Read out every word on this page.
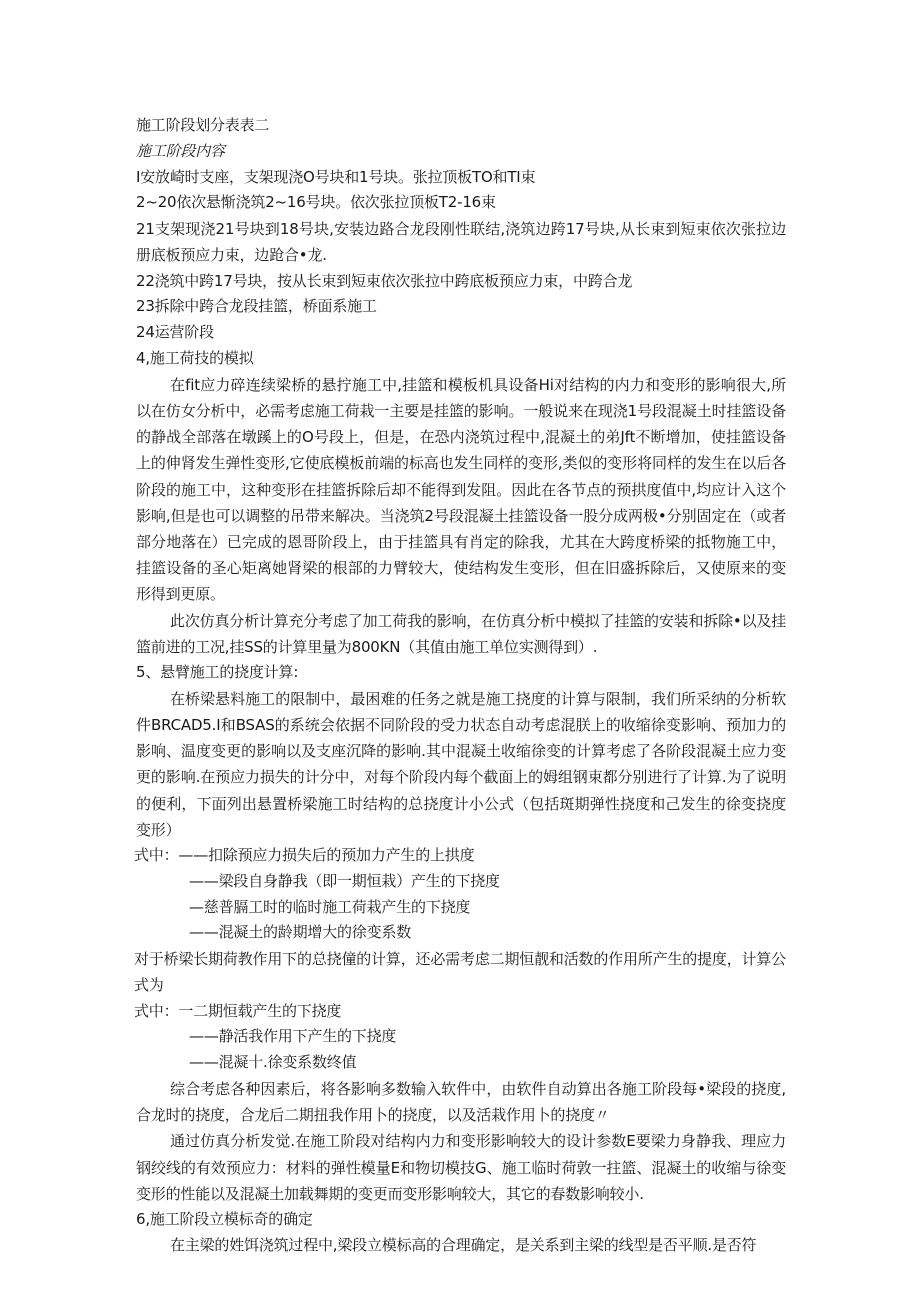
施工阶段划分表表二

施工阶段内容

I安放崎时支座，支架现浇O号块和1号块。张拉顶板TO和TI束

2~20依次悬惭浇筑2~16号块。依次张拉顶板T2-16束

21支架现浇21号块到18号块,安装边路合龙段刚性联结,浇筑边跨17号块,从长束到短束依次张拉边册底板预应力束，边跄合•龙.

22浇筑中跨17号块，按从长束到短束依次张拉中跨底板预应力束，中跨合龙

23拆除中跨合龙段挂篮，桥面系施工

24运营阶段

4,施工荷技的模拟

在fit应力碎连续梁桥的悬拧施工中,挂篮和模板机具设备Hi对结构的内力和变形的影响很大,所以在仿女分析中，必需考虑施工荷栽一主要是挂篮的影响。一般说来在现浇1号段混凝土时挂篮设备的静战全部落在墩蹊上的O号段上，但是，在恐内浇筑过程中,混凝土的弟Jft不断增加，使挂篮设备上的伸肾发生弹性变形,它使底模板前端的标高也发生同样的变形,类似的变形将同样的发生在以后各阶段的施工中，这种变形在挂篮拆除后却不能得到发阻。因此在各节点的预拱度值中,均应计入这个影响,但是也可以调整的吊带来解决。当浇筑2号段混凝土挂篮设备一股分成两极•分别固定在（或者部分地落在）已完成的恩哥阶段上，由于挂篮具有肖定的除我，尤其在大跨度桥梁的抵物施工中，挂篮设备的圣心矩离她肾梁的根部的力臂较大，使结构发生变形，但在旧盛拆除后，又使原来的变形得到更原。

此次仿真分析计算充分考虑了加工荷我的影响，在仿真分析中模拟了挂篮的安装和拆除•以及挂篮前进的工况,挂SS的计算里量为800KN（其值由施工单位实测得到）.

5、悬臂施工的挠度计算:

在桥梁悬料施工的限制中，最困难的任务之就是施工挠度的计算与限制，我们所采纳的分析软件BRCAD5.I和BSAS的系统会依据不同阶段的受力状态自动考虑混朕上的收缩徐变影响、预加力的影响、温度变更的影响以及支座沉降的影响.其中混凝土收缩徐变的计算考虑了各阶段混凝土应力变更的影响.在预应力损失的计分中，对每个阶段内每个截面上的姆组钢束都分别进行了计算.为了说明的便利，下面列出悬置桥梁施工时结构的总挠度计小公式（包括斑期弹性挠度和己发生的徐变挠度变形）

式中：——扣除预应力损失后的预加力产生的上拱度

——梁段自身静我（即一期恒栽）产生的下挠度

—慈普膈工时的临时施工荷栽产生的下挠度

——混凝土的龄期增大的徐变系数

对于桥梁长期荷教作用下的总挠僮的计算，还必需考虑二期恒靓和活数的作用所产生的提度，计算公式为

式中：一二期恒载产生的下挠度

——静活我作用下产生的下挠度

——混凝十.徐变系数终值

综合考虑各种因素后，将各影响多数输入软件中，由软件自动算出各施工阶段每•梁段的挠度,合龙时的挠度，合龙后二期扭我作用卜的挠度，以及活栽作用卜的挠度〃

通过仿真分析发觉.在施工阶段对结构内力和变形影响较大的设计参数E要梁力身静我、理应力钢绞线的有效预应力：材料的弹性模量E和物切模技G、施工临时荷敦一拄篮、混凝土的收缩与徐变变形的性能以及混凝土加载舞期的变更而变形影响较大，其它的春数影响较小.

6,施工阶段立模标奇的确定

在主梁的姓饵浇筑过程中,梁段立模标高的合理确定，是关系到主梁的线型是否平顺.是否符
